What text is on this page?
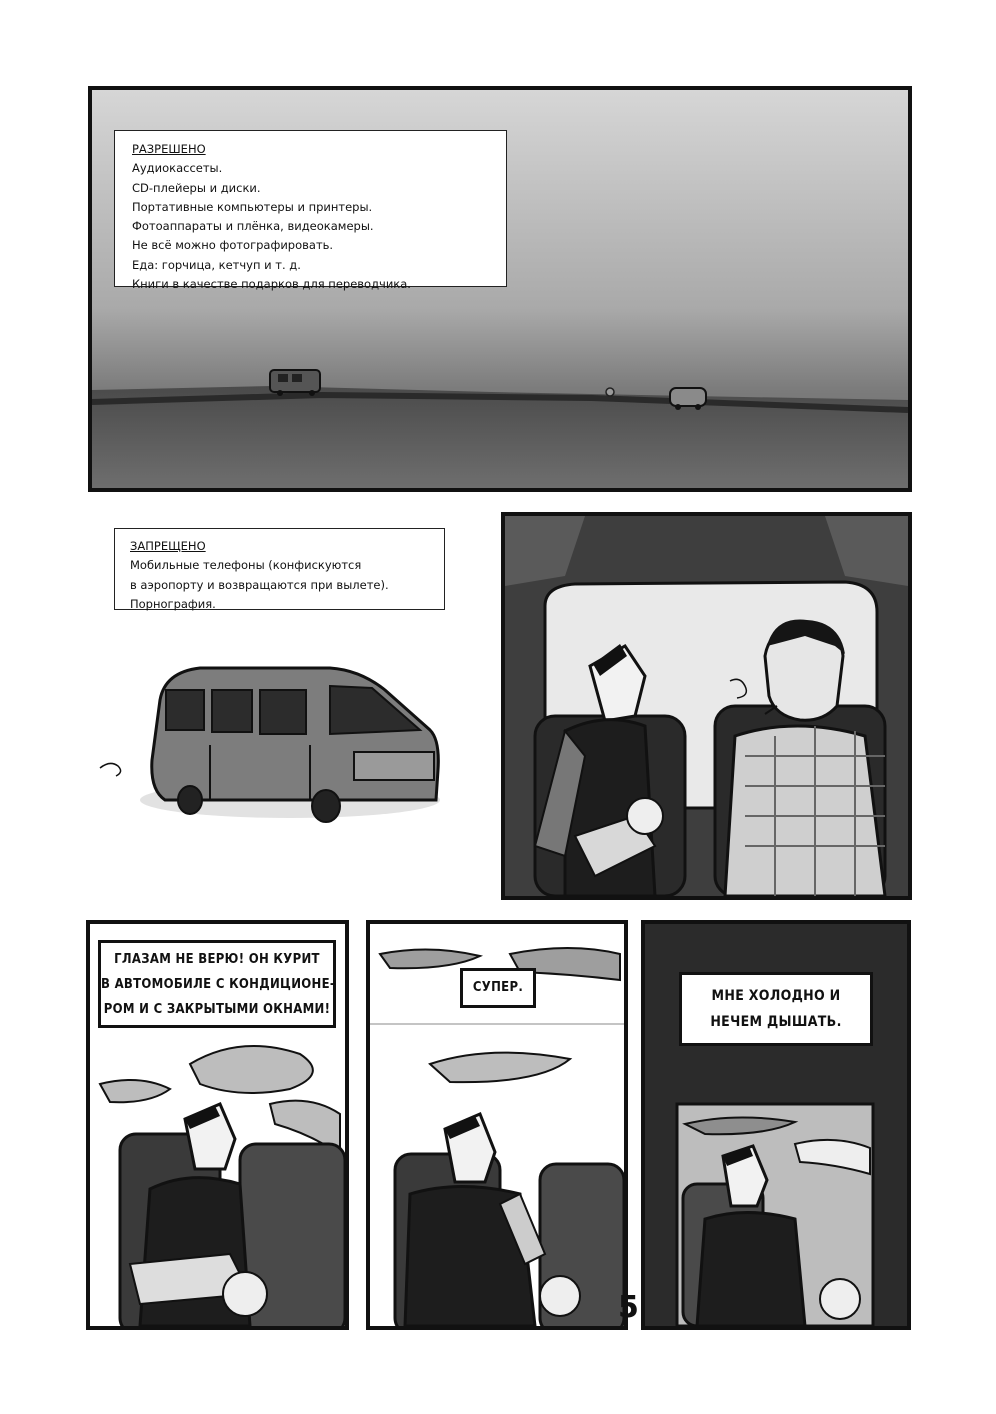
РАЗРЕШЕНО
Аудиокассеты.
CD-плейеры и диски.
Портативные компьютеры и принтеры.
Фотоаппараты и плёнка, видеокамеры.
Не всё можно фотографировать.
Еда: горчица, кетчуп и т. д.
Книги в качестве подарков для переводчика.
ЗАПРЕЩЕНО
Мобильные телефоны (конфискуются
в аэропорту и возвращаются при вылете).
Порнография.
ГЛАЗАМ НЕ ВЕРЮ! ОН КУРИТ
В АВТОМОБИЛЕ С КОНДИЦИОНЕ-
РОМ И С ЗАКРЫТЫМИ ОКНАМИ!
СУПЕР.
МНЕ ХОЛОДНО И
НЕЧЕМ ДЫШАТЬ.
5
